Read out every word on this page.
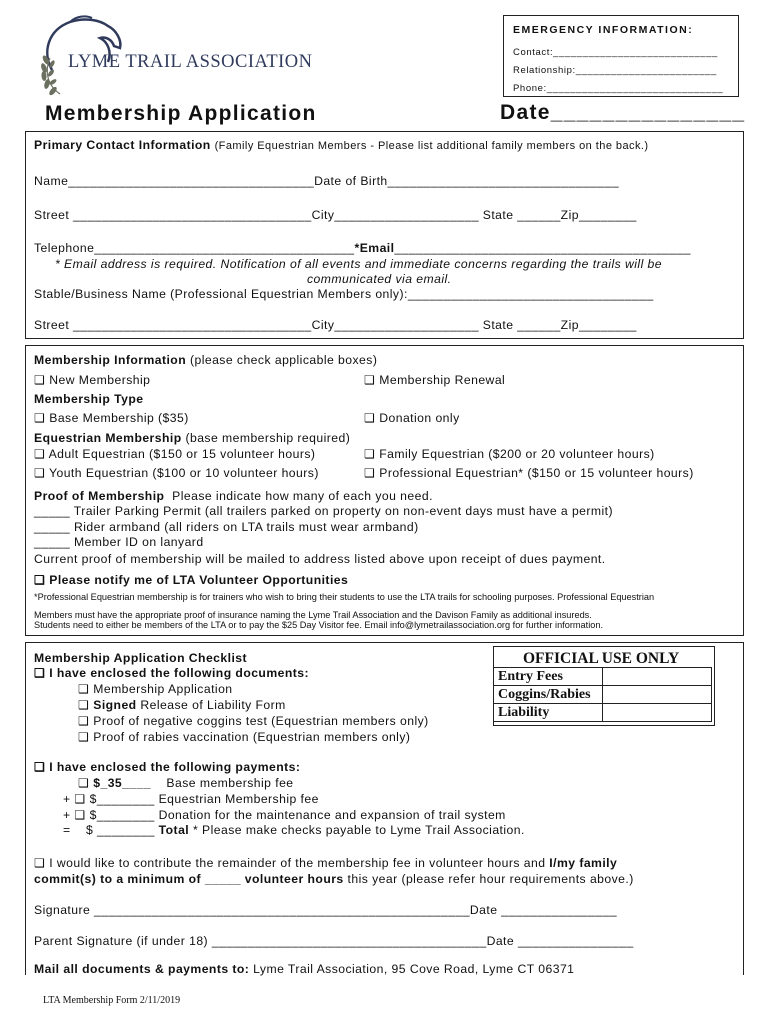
EMERGENCY INFORMATION:
Contact:____________________________
Relationship:________________________
Phone:______________________________
LYME TRAIL ASSOCIATION
Membership Application	Date_______________
Primary Contact Information (Family Equestrian Members - Please list additional family members on the back.)
Name__________________________________Date of Birth________________________________
Street _________________________________City____________________ State ______Zip________
Telephone____________________________________*Email_________________________________________
* Email address is required. Notification of all events and immediate concerns regarding the trails will be
communicated via email.
Stable/Business Name (Professional Equestrian Members only):__________________________________
Street _________________________________City____________________ State ______Zip________
Membership Information (please check applicable boxes)
❑ New Membership	❑ Membership Renewal
Membership Type
❑ Base Membership ($35)	❑ Donation only
Equestrian Membership (base membership required)
❑ Adult Equestrian ($150 or 15 volunteer hours)	❑ Family Equestrian ($200 or 20 volunteer hours)
❑ Youth Equestrian ($100 or 10 volunteer hours)	❑ Professional Equestrian* ($150 or 15 volunteer hours)
Proof of Membership Please indicate how many of each you need.
_____ Trailer Parking Permit (all trailers parked on property on non-event days must have a permit)
_____ Rider armband (all riders on LTA trails must wear armband)
_____ Member ID on lanyard
Current proof of membership will be mailed to address listed above upon receipt of dues payment.
❑ Please notify me of LTA Volunteer Opportunities
*Professional Equestrian membership is for trainers who wish to bring their students to use the LTA trails for schooling purposes. Professional Equestrian
Members must have the appropriate proof of insurance naming the Lyme Trail Association and the Davison Family as additional insureds.
Students need to either be members of the LTA or to pay the $25 Day Visitor fee. Email info@lymetrailassociation.org for further information.
Membership Application Checklist
❑ I have enclosed the following documents:
❑ Membership Application
❑ Signed Release of Liability Form
❑ Proof of negative coggins test (Equestrian members only)
❑ Proof of rabies vaccination (Equestrian members only)
❑ I have enclosed the following payments:
❑ $_35____ Base membership fee
+ ❑ $________ Equestrian Membership fee
+ ❑ $________ Donation for the maintenance and expansion of trail system
= $ ________ Total * Please make checks payable to Lyme Trail Association.
❑ I would like to contribute the remainder of the membership fee in volunteer hours and I/my family
commit(s) to a minimum of _____ volunteer hours this year (please refer hour requirements above.)
Signature ____________________________________________________Date ________________
Parent Signature (if under 18) ______________________________________Date ________________
Mail all documents & payments to: Lyme Trail Association, 95 Cove Road, Lyme CT 06371
OFFICIAL USE ONLY
Entry Fees	
Coggins/Rabies	
Liability	
LTA Membership Form 2/11/2019
